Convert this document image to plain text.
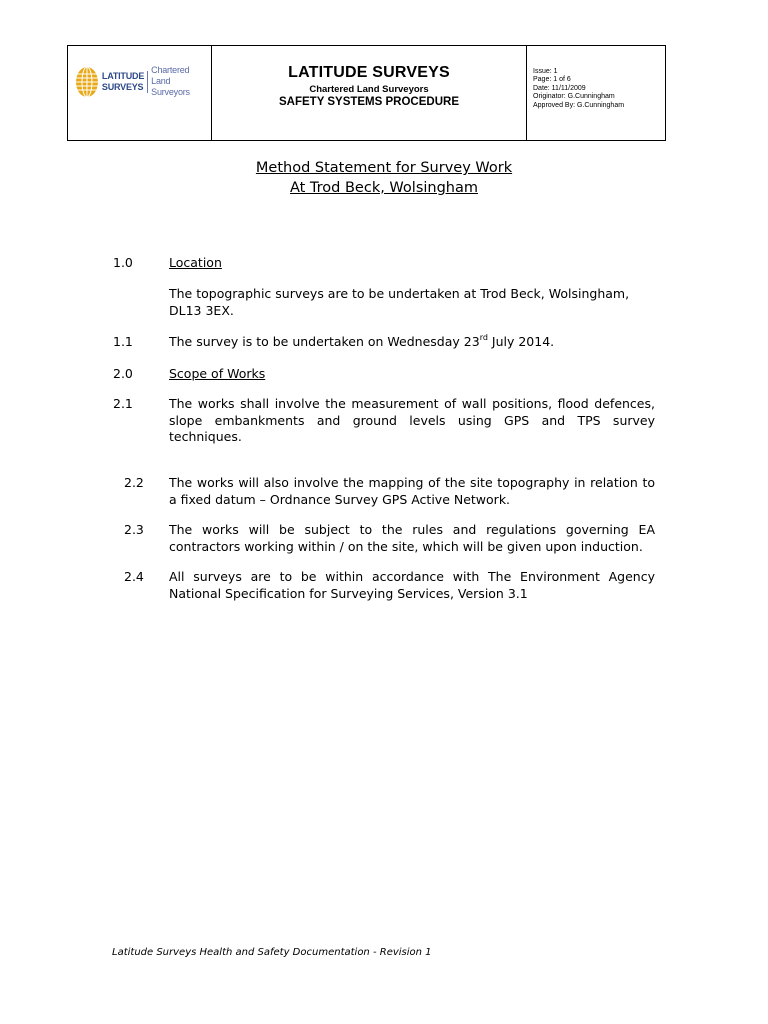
LATITUDE
SURVEYS
Chartered
Land Surveyors
LATITUDE SURVEYS
Chartered Land Surveyors
SAFETY SYSTEMS PROCEDURE
Issue: 1
Page: 1 of 6
Date: 11/11/2009
Originator: G.Cunningham
Approved By: G.Cunningham
Method Statement for Survey Work
At Trod Beck, Wolsingham
1.0	Location
The topographic surveys are to be undertaken at Trod Beck, Wolsingham, DL13 3EX.
1.1	The survey is to be undertaken on Wednesday 23rd July 2014.
2.0	Scope of Works
2.1	The works shall involve the measurement of wall positions, flood defences, slope embankments and ground levels using GPS and TPS survey techniques.
2.2 The works will also involve the mapping of the site topography in relation to a fixed datum – Ordnance Survey GPS Active Network.
2.3 The works will be subject to the rules and regulations governing EA contractors working within / on the site, which will be given upon induction.
2.4 All surveys are to be within accordance with The Environment Agency National Specification for Surveying Services, Version 3.1
Latitude Surveys Health and Safety Documentation - Revision 1
